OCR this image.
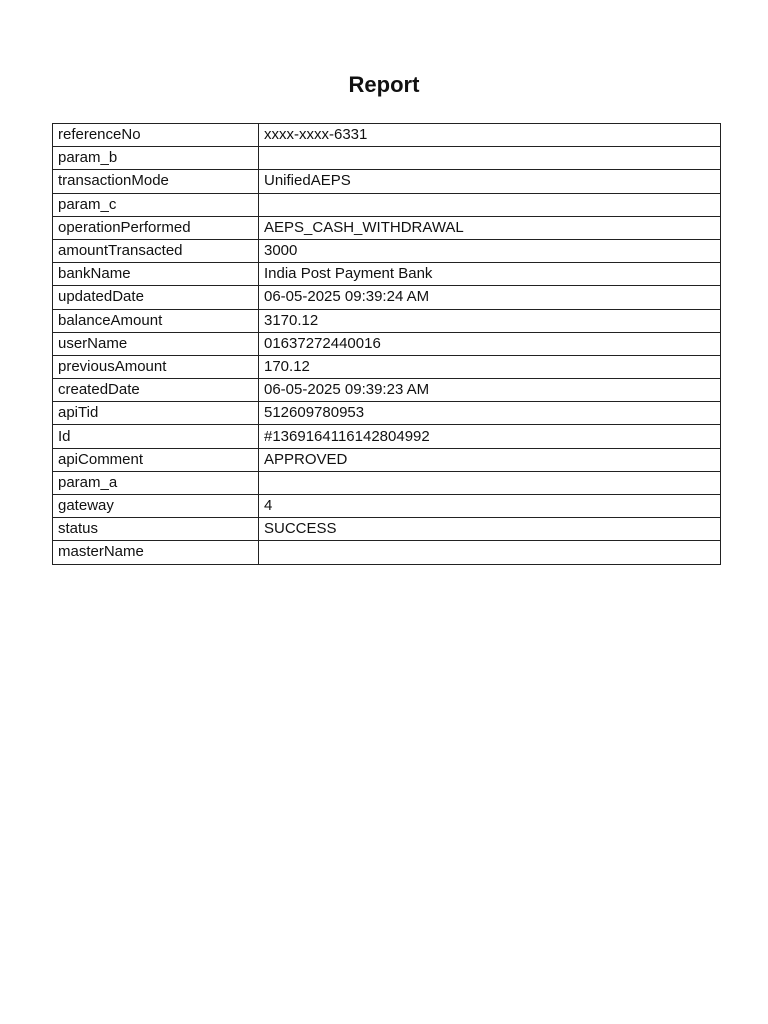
Report
referenceNo	xxxx-xxxx-6331
param_b	
transactionMode	UnifiedAEPS
param_c	
operationPerformed	AEPS_CASH_WITHDRAWAL
amountTransacted	3000
bankName	India Post Payment Bank
updatedDate	06-05-2025 09:39:24 AM
balanceAmount	3170.12
userName	01637272440016
previousAmount	170.12
createdDate	06-05-2025 09:39:23 AM
apiTid	512609780953
Id	#1369164116142804992
apiComment	APPROVED
param_a	
gateway	4
status	SUCCESS
masterName	
